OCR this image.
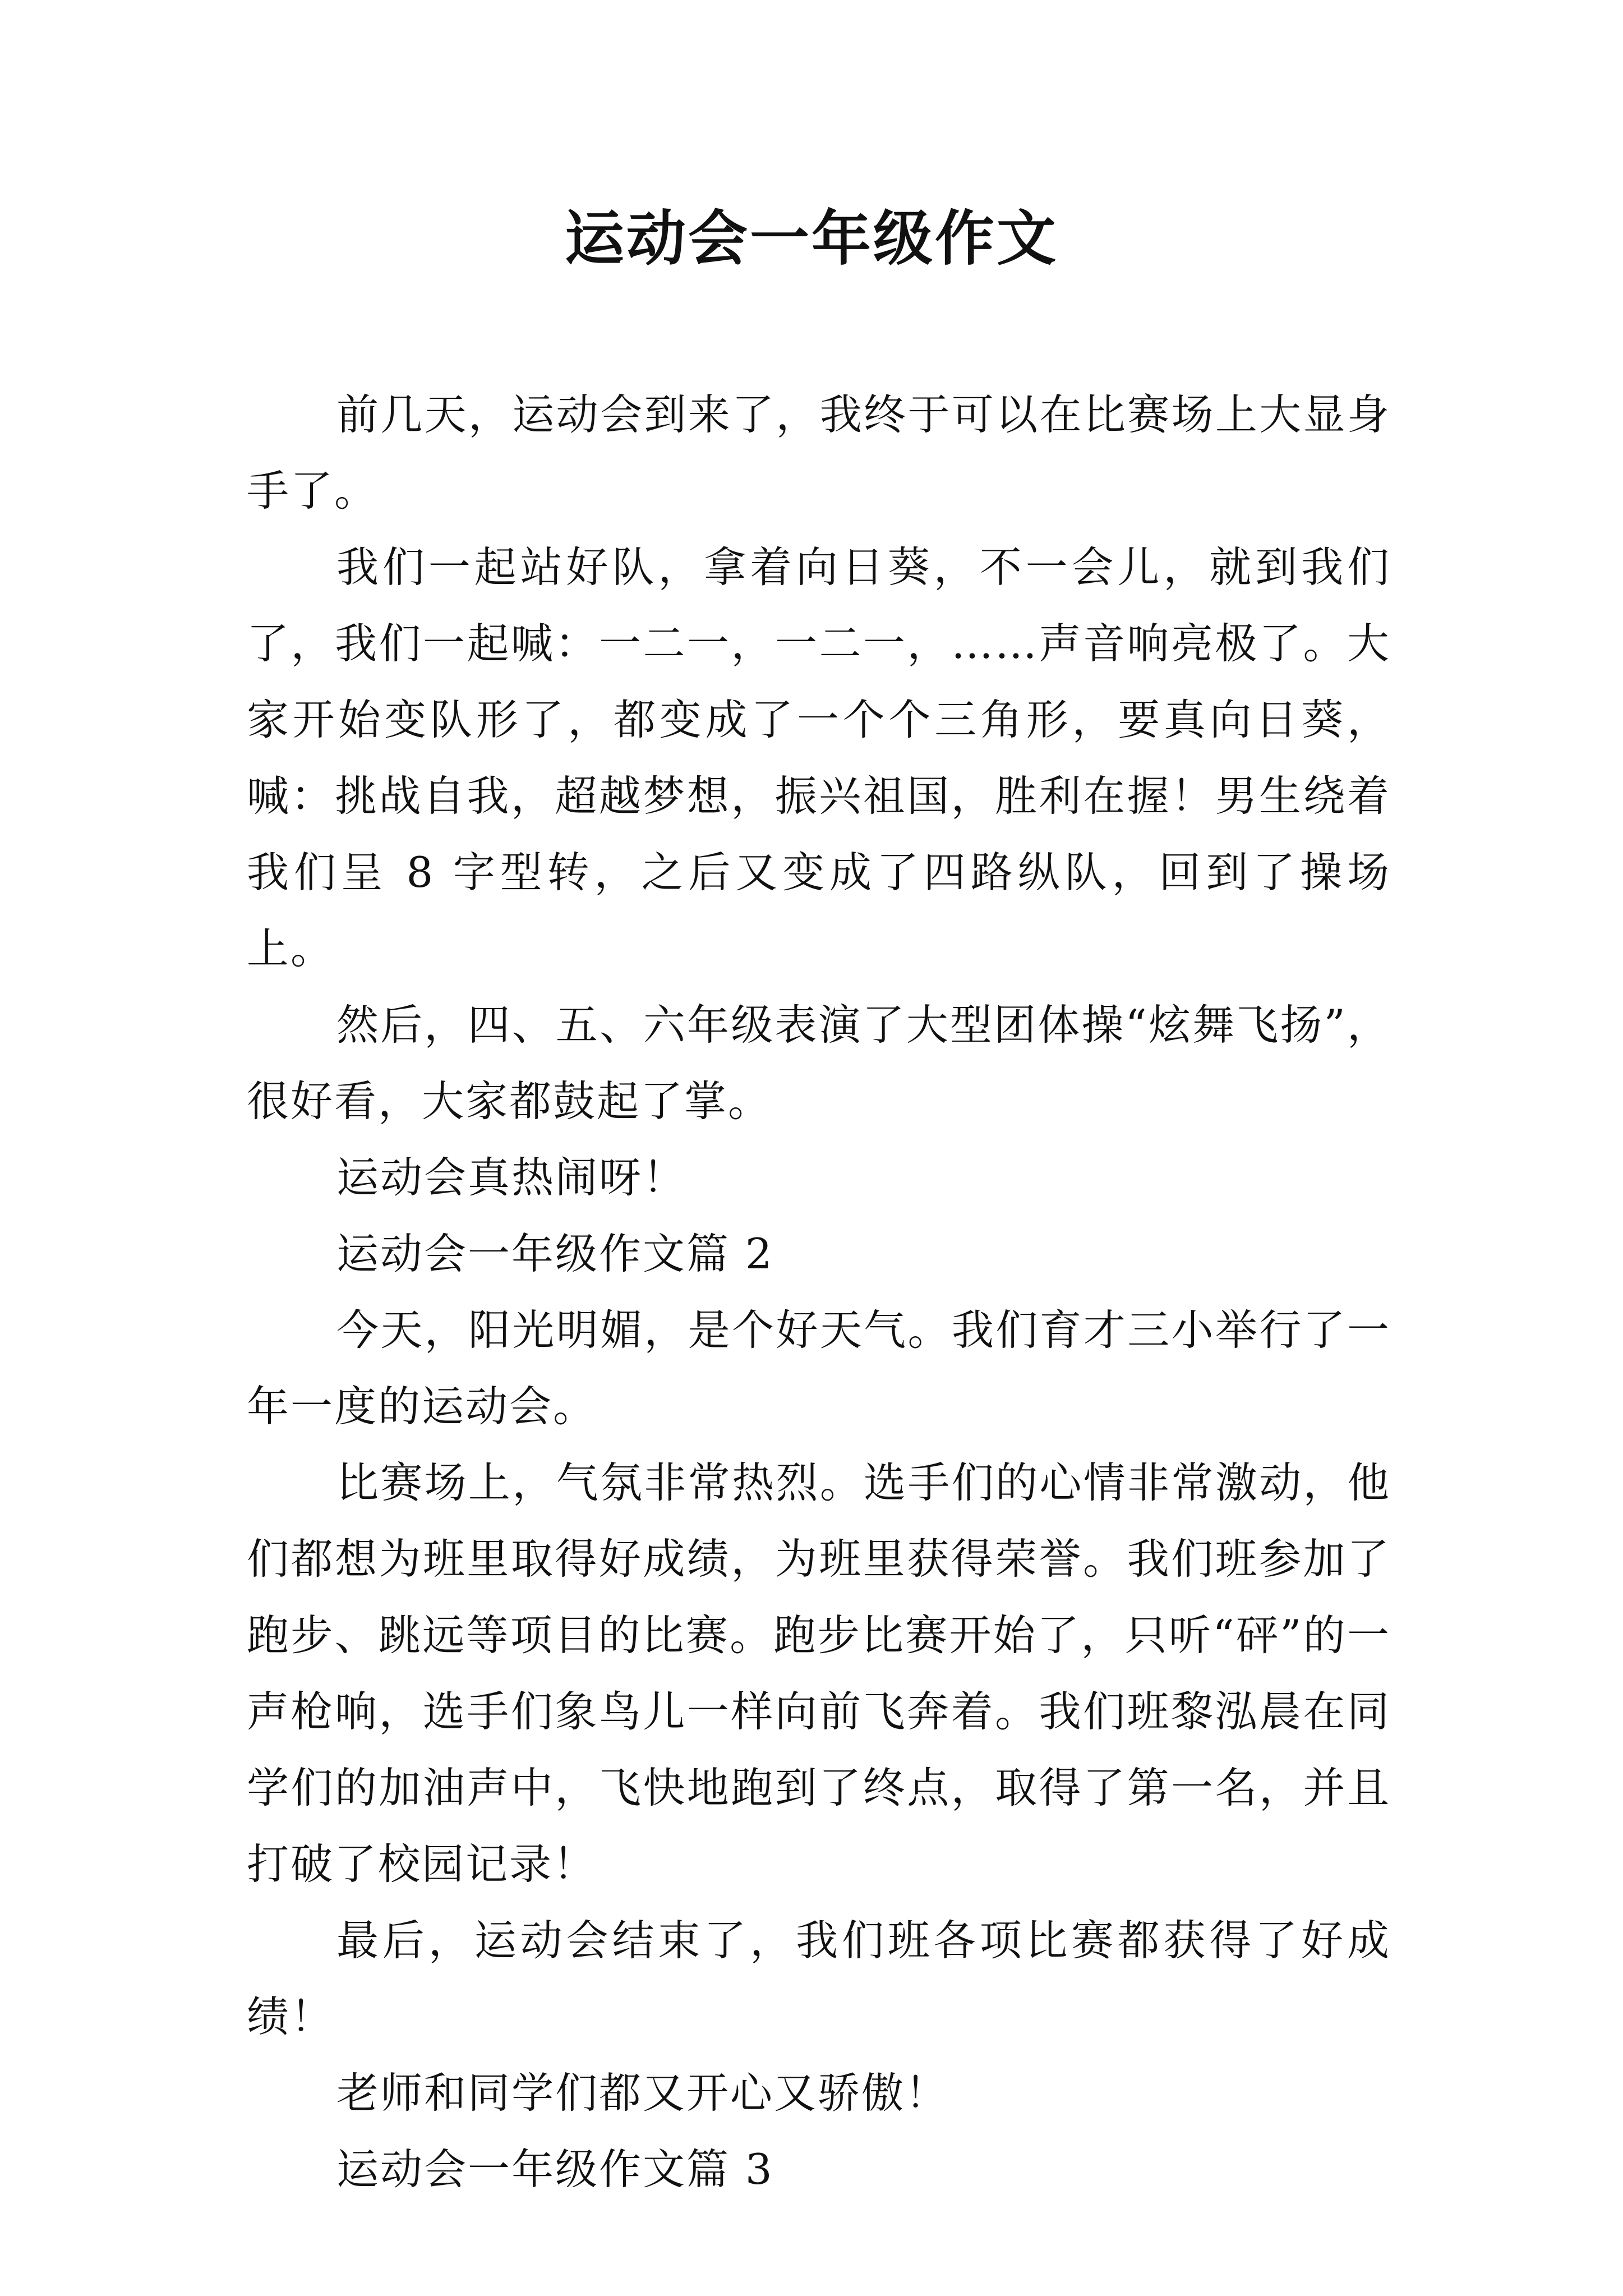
运动会一年级作文

前几天，运动会到来了，我终于可以在比赛场上大显身手了。

我们一起站好队，拿着向日葵，不一会儿，就到我们了，我们一起喊：一二一，一二一，……声音响亮极了。大家开始变队形了，都变成了一个个三角形，要真向日葵，喊：挑战自我，超越梦想，振兴祖国，胜利在握！男生绕着我们呈 8 字型转，之后又变成了四路纵队，回到了操场上。

然后，四、五、六年级表演了大型团体操“炫舞飞扬”，很好看，大家都鼓起了掌。

运动会真热闹呀！

运动会一年级作文篇 2

今天，阳光明媚，是个好天气。我们育才三小举行了一年一度的运动会。

比赛场上，气氛非常热烈。选手们的心情非常激动，他们都想为班里取得好成绩，为班里获得荣誉。我们班参加了跑步、跳远等项目的比赛。跑步比赛开始了，只听“砰”的一声枪响，选手们象鸟儿一样向前飞奔着。我们班黎泓晨在同学们的加油声中，飞快地跑到了终点，取得了第一名，并且打破了校园记录！

最后，运动会结束了，我们班各项比赛都获得了好成绩！

老师和同学们都又开心又骄傲！

运动会一年级作文篇 3
